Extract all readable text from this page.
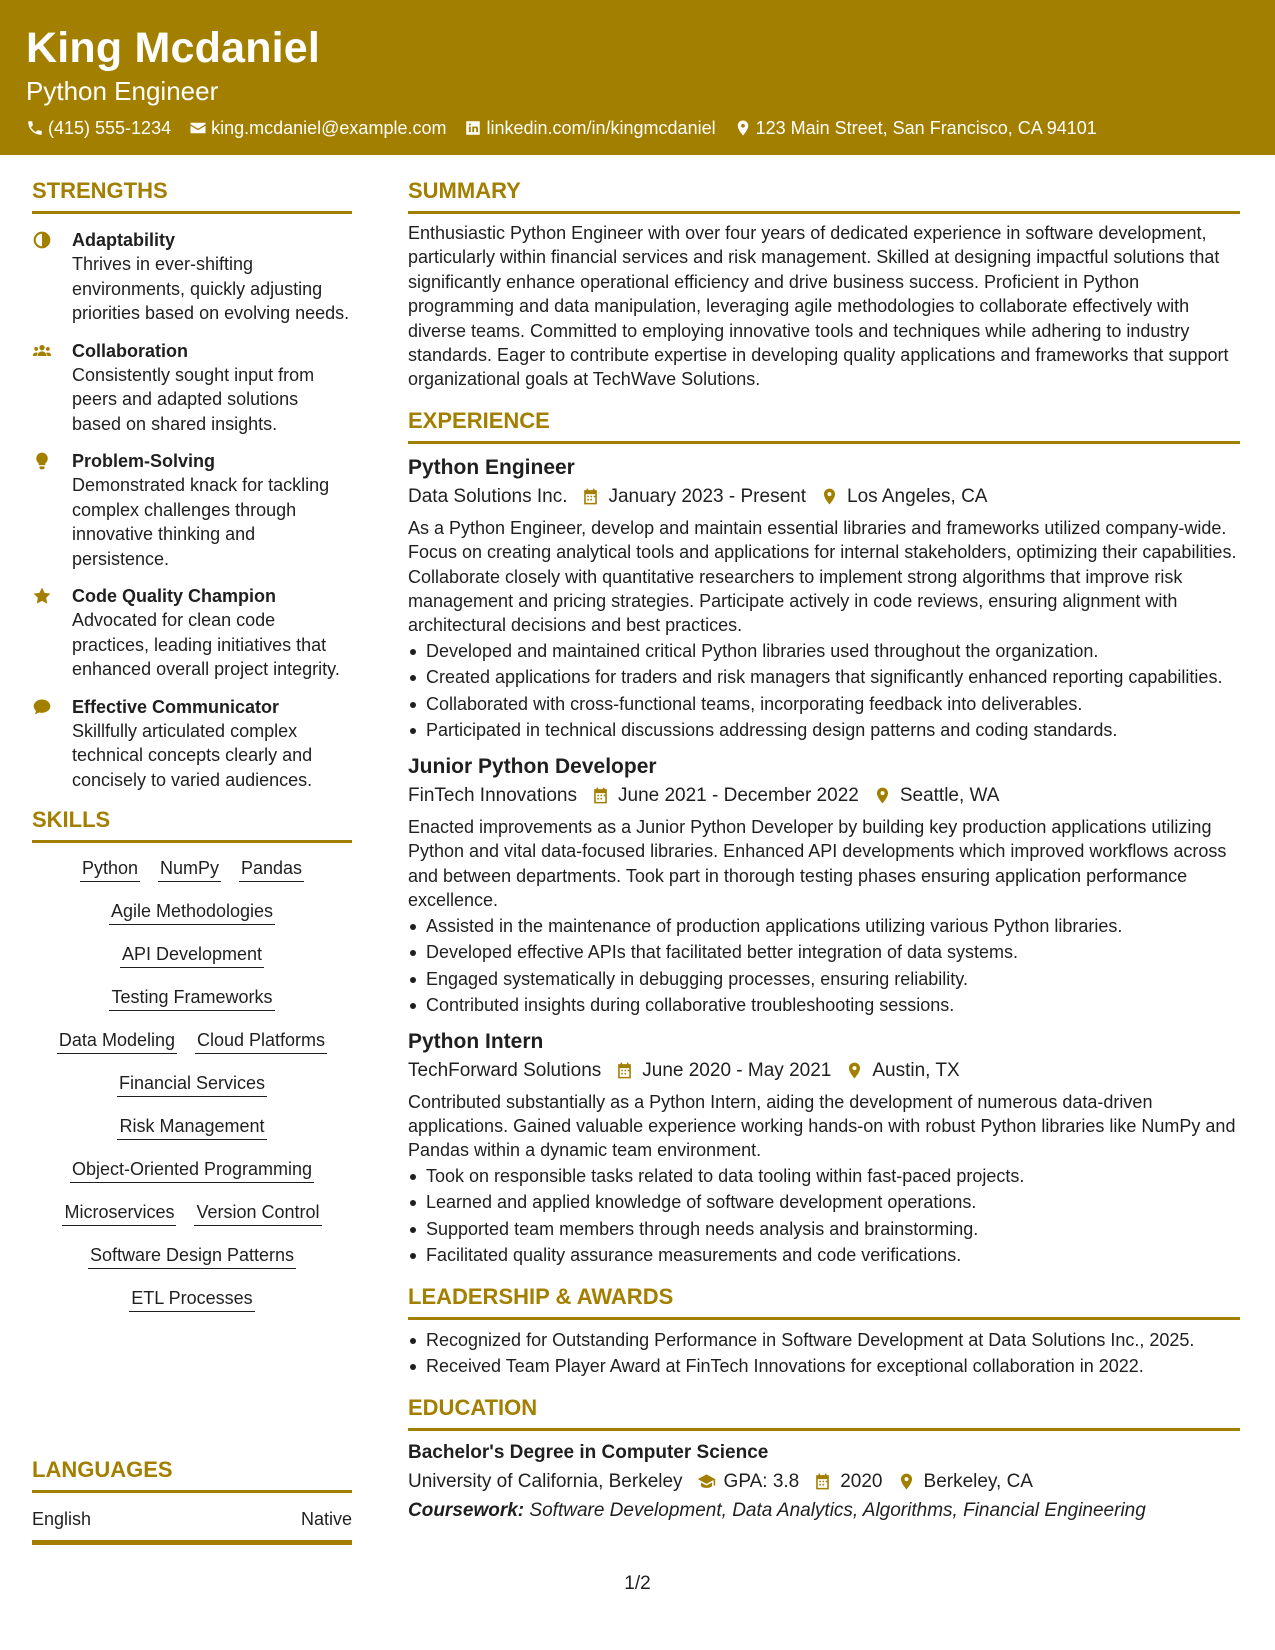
King Mcdaniel
Python Engineer
(415) 555-1234 king.mcdaniel@example.com linkedin.com/in/kingmcdaniel 123 Main Street, San Francisco, CA 94101
STRENGTHS
Adaptability
Thrives in ever-shifting environments, quickly adjusting priorities based on evolving needs.
Collaboration
Consistently sought input from peers and adapted solutions based on shared insights.
Problem-Solving
Demonstrated knack for tackling complex challenges through innovative thinking and persistence.
Code Quality Champion
Advocated for clean code practices, leading initiatives that enhanced overall project integrity.
Effective Communicator
Skillfully articulated complex technical concepts clearly and concisely to varied audiences.
SKILLS
Python NumPy Pandas
Agile Methodologies
API Development
Testing Frameworks
Data Modeling Cloud Platforms
Financial Services
Risk Management
Object-Oriented Programming
Microservices Version Control
Software Design Patterns
ETL Processes
LANGUAGES
English	Native
SUMMARY
Enthusiastic Python Engineer with over four years of dedicated experience in software development, particularly within financial services and risk management. Skilled at designing impactful solutions that significantly enhance operational efficiency and drive business success. Proficient in Python programming and data manipulation, leveraging agile methodologies to collaborate effectively with diverse teams. Committed to employing innovative tools and techniques while adhering to industry standards. Eager to contribute expertise in developing quality applications and frameworks that support organizational goals at TechWave Solutions.
EXPERIENCE
Python Engineer
Data Solutions Inc. January 2023 - Present Los Angeles, CA
As a Python Engineer, develop and maintain essential libraries and frameworks utilized company-wide. Focus on creating analytical tools and applications for internal stakeholders, optimizing their capabilities. Collaborate closely with quantitative researchers to implement strong algorithms that improve risk management and pricing strategies. Participate actively in code reviews, ensuring alignment with architectural decisions and best practices.
Developed and maintained critical Python libraries used throughout the organization.
Created applications for traders and risk managers that significantly enhanced reporting capabilities.
Collaborated with cross-functional teams, incorporating feedback into deliverables.
Participated in technical discussions addressing design patterns and coding standards.
Junior Python Developer
FinTech Innovations June 2021 - December 2022 Seattle, WA
Enacted improvements as a Junior Python Developer by building key production applications utilizing Python and vital data-focused libraries. Enhanced API developments which improved workflows across and between departments. Took part in thorough testing phases ensuring application performance excellence.
Assisted in the maintenance of production applications utilizing various Python libraries.
Developed effective APIs that facilitated better integration of data systems.
Engaged systematically in debugging processes, ensuring reliability.
Contributed insights during collaborative troubleshooting sessions.
Python Intern
TechForward Solutions June 2020 - May 2021 Austin, TX
Contributed substantially as a Python Intern, aiding the development of numerous data-driven applications. Gained valuable experience working hands-on with robust Python libraries like NumPy and Pandas within a dynamic team environment.
Took on responsible tasks related to data tooling within fast-paced projects.
Learned and applied knowledge of software development operations.
Supported team members through needs analysis and brainstorming.
Facilitated quality assurance measurements and code verifications.
LEADERSHIP & AWARDS
Recognized for Outstanding Performance in Software Development at Data Solutions Inc., 2025.
Received Team Player Award at FinTech Innovations for exceptional collaboration in 2022.
EDUCATION
Bachelor's Degree in Computer Science
University of California, Berkeley GPA: 3.8 2020 Berkeley, CA
Coursework: Software Development, Data Analytics, Algorithms, Financial Engineering
1/2
